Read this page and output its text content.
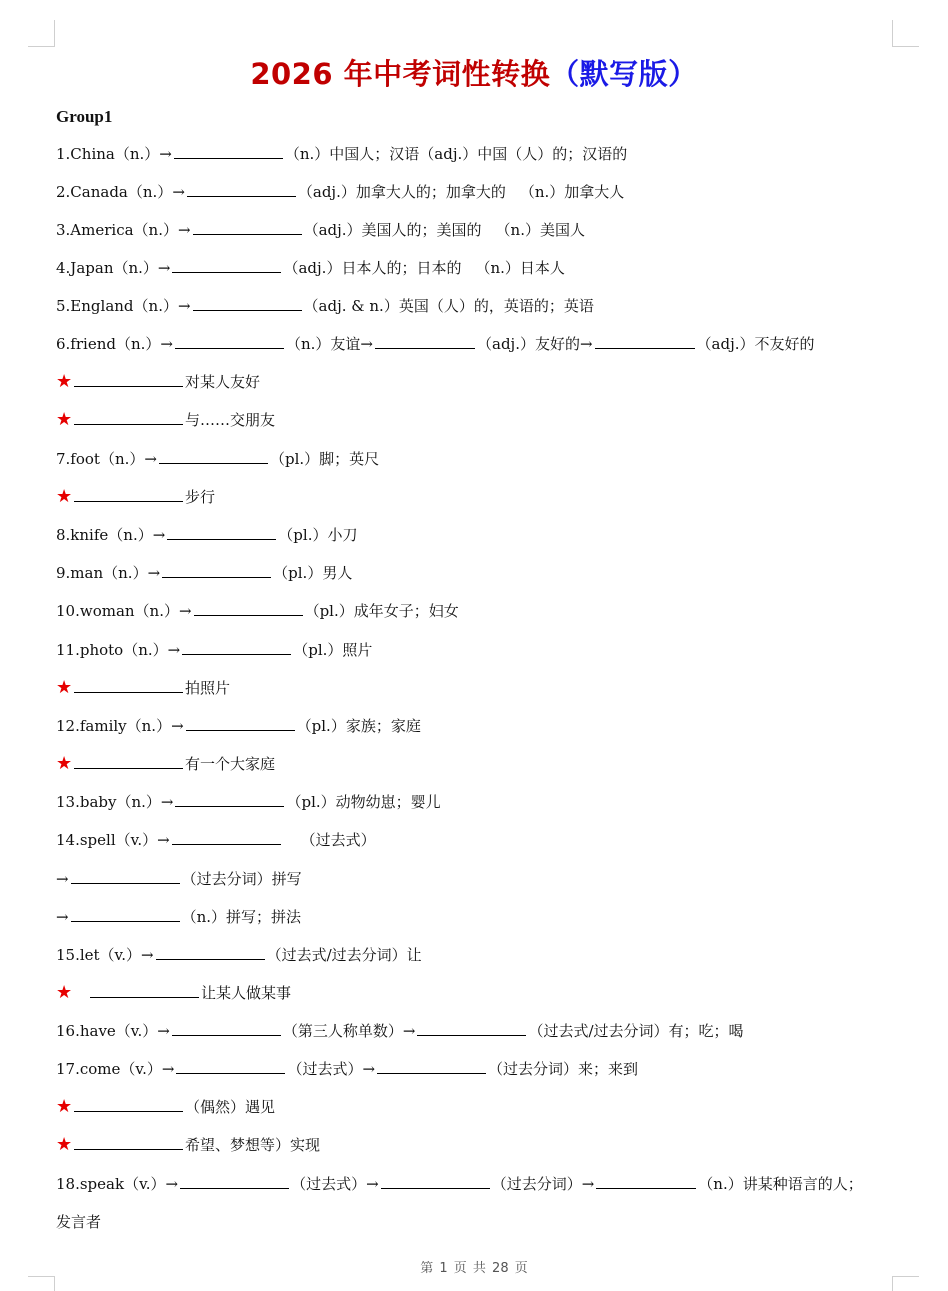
2026 年中考词性转换（默写版）
Group1
1.China（n.）→	（n.）中国人；汉语（adj.）中国（人）的；汉语的
2.Canada（n.）→	（adj.）加拿大人的；加拿大的 （n.）加拿大人
3.America（n.）→	（adj.）美国人的；美国的 （n.）美国人
4.Japan（n.）→	（adj.）日本人的；日本的 （n.）日本人
5.England（n.）→	（adj. & n.）英国（人）的，英语的；英语
6.friend（n.）→	（n.）友谊→	（adj.）友好的→	（adj.）不友好的
★	对某人友好
★	与……交朋友
7.foot（n.）→	（pl.）脚；英尺
★	步行
8.knife（n.）→	（pl.）小刀
9.man（n.）→	（pl.）男人
10.woman（n.）→	（pl.）成年女子；妇女
11.photo（n.）→	（pl.）照片
★	拍照片
12.family（n.）→	（pl.）家族；家庭
★	有一个大家庭
13.baby（n.）→	（pl.）动物幼崽；婴儿
14.spell（v.）→	（过去式）
→	（过去分词）拼写
→	（n.）拼写；拼法
15.let（v.）→	（过去式/过去分词）让
★	让某人做某事
16.have（v.）→	（第三人称单数）→	（过去式/过去分词）有；吃；喝
17.come（v.）→	（过去式）→	（过去分词）来；来到
★	（偶然）遇见
★	希望、梦想等）实现
18.speak（v.）→	（过去式）→	（过去分词）→	（n.）讲某种语言的人；
发言者
第 1 页 共 28 页
